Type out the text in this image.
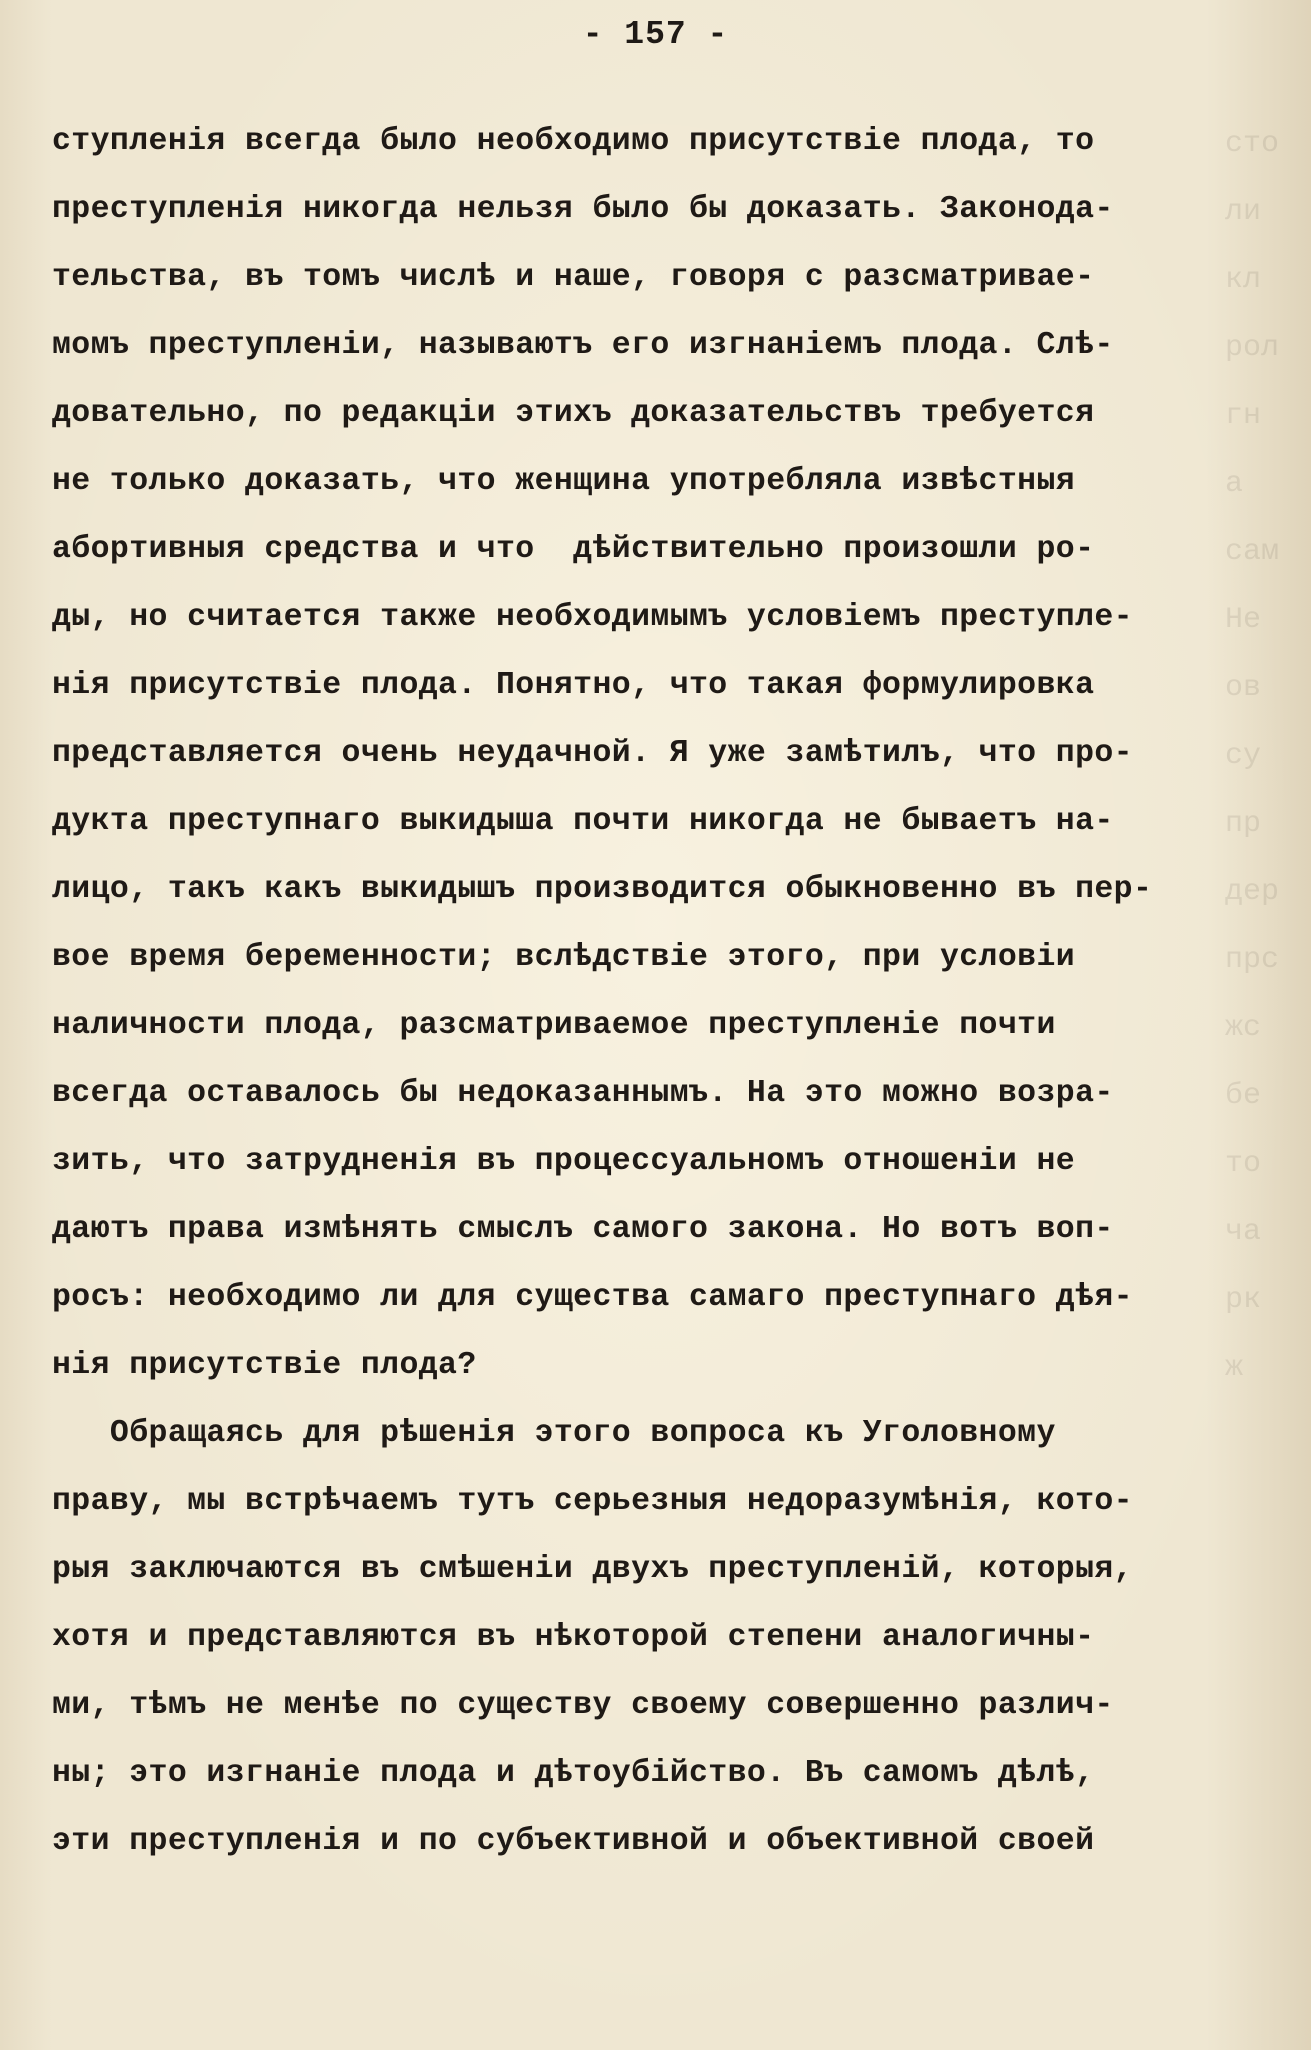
сто
ли
кл
рол
гн
а
сам
Не
ов
су
пр
дер
прс
жс
бе
то
ча
рк
ж
- 157 -
ступленія всегда было необходимо присутствіе плода, то
преступленія никогда нельзя было бы доказать. Законода-
тельства, въ томъ числѣ и наше, говоря с разсматривае-
момъ преступленіи, называютъ его изгнаніемъ плода. Слѣ-
довательно, по редакціи этихъ доказательствъ требуется
не только доказать, что женщина употребляла извѣстныя
абортивныя средства и что  дѣйствительно произошли ро-
ды, но считается также необходимымъ условіемъ преступле-
нія присутствіе плода. Понятно, что такая формулировка
представляется очень неудачной. Я уже замѣтилъ, что про-
дукта преступнаго выкидыша почти никогда не бываетъ на-
лицо, такъ какъ выкидышъ производится обыкновенно въ пер-
вое время беременности; вслѣдствіе этого, при условіи
наличности плода, разсматриваемое преступленіе почти
всегда оставалось бы недоказаннымъ. На это можно возра-
зить, что затрудненія въ процессуальномъ отношеніи не
даютъ права измѣнять смыслъ самого закона. Но вотъ воп-
росъ: необходимо ли для существа самаго преступнаго дѣя-
нія присутствіе плода?
Обращаясь для рѣшенія этого вопроса къ Уголовному
праву, мы встрѣчаемъ тутъ серьезныя недоразумѣнія, кото-
рыя заключаются въ смѣшеніи двухъ преступленій, которыя,
хотя и представляются въ нѣкоторой степени аналогичны-
ми, тѣмъ не менѣе по существу своему совершенно различ-
ны; это изгнаніе плода и дѣтоубійство. Въ самомъ дѣлѣ,
эти преступленія и по субъективной и объективной своей
